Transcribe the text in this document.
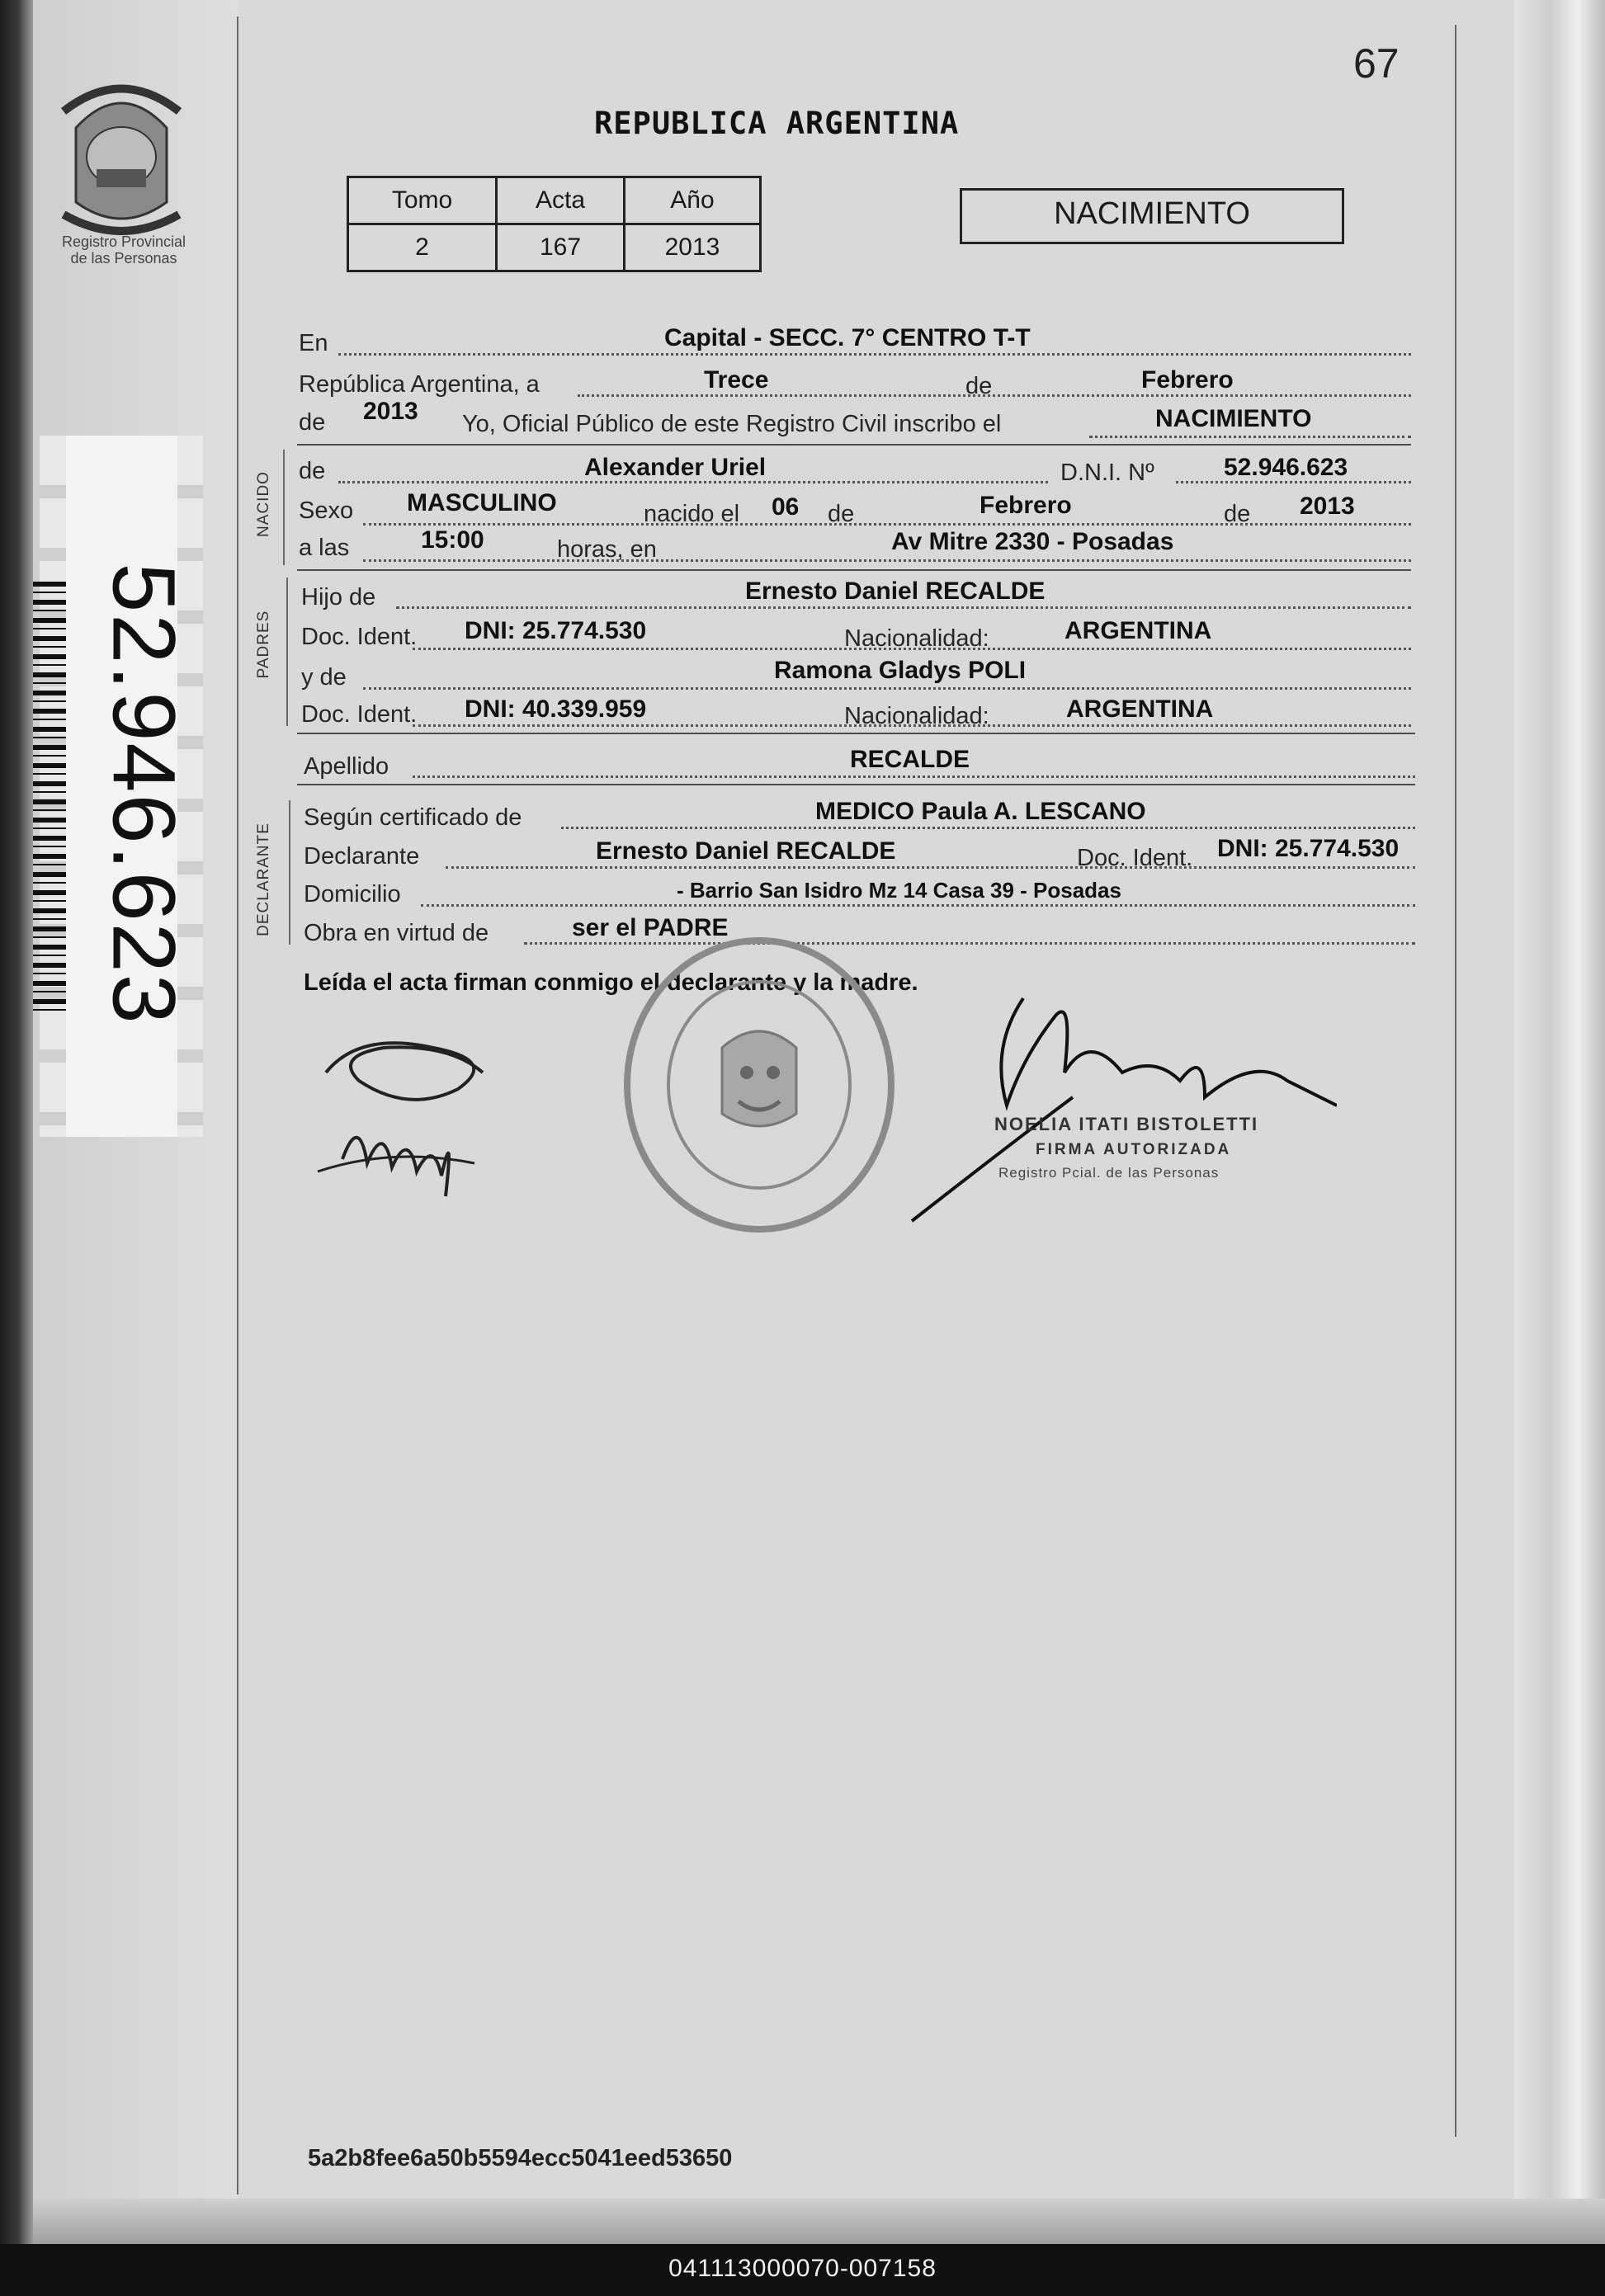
Registro Provincial
de las Personas
52.946.623
67
REPUBLICA ARGENTINA
Tomo	Acta	Año
2	167	2013
NACIMIENTO
NACIDO
PADRES
DECLARANTE
En	Capital - SECC. 7° CENTRO T-T
República Argentina, a	Trece	de	Febrero
de 2013 Yo, Oficial Público de este Registro Civil inscribo el	NACIMIENTO
de	Alexander Uriel	D.N.I. Nº	52.946.623
Sexo MASCULINO	nacido el 06 de	Febrero	de 2013
a las	15:00	horas, en	Av Mitre 2330 - Posadas
Hijo de	Ernesto Daniel RECALDE
Doc. Ident. DNI: 25.774.530	Nacionalidad:	ARGENTINA
y de	Ramona Gladys POLI
Doc. Ident. DNI: 40.339.959	Nacionalidad:	ARGENTINA
Apellido	RECALDE
Según certificado de	MEDICO Paula A. LESCANO
Declarante	Ernesto Daniel RECALDE	Doc. Ident. DNI: 25.774.530
Domicilio	- Barrio San Isidro Mz 14 Casa 39 - Posadas
Obra en virtud de	ser el PADRE
Leída el acta firman conmigo el declarante y la madre.
NOELIA ITATI BISTOLETTI
FIRMA AUTORIZADA
Registro Pcial. de las Personas
5a2b8fee6a50b5594ecc5041eed53650
041113000070-007158
